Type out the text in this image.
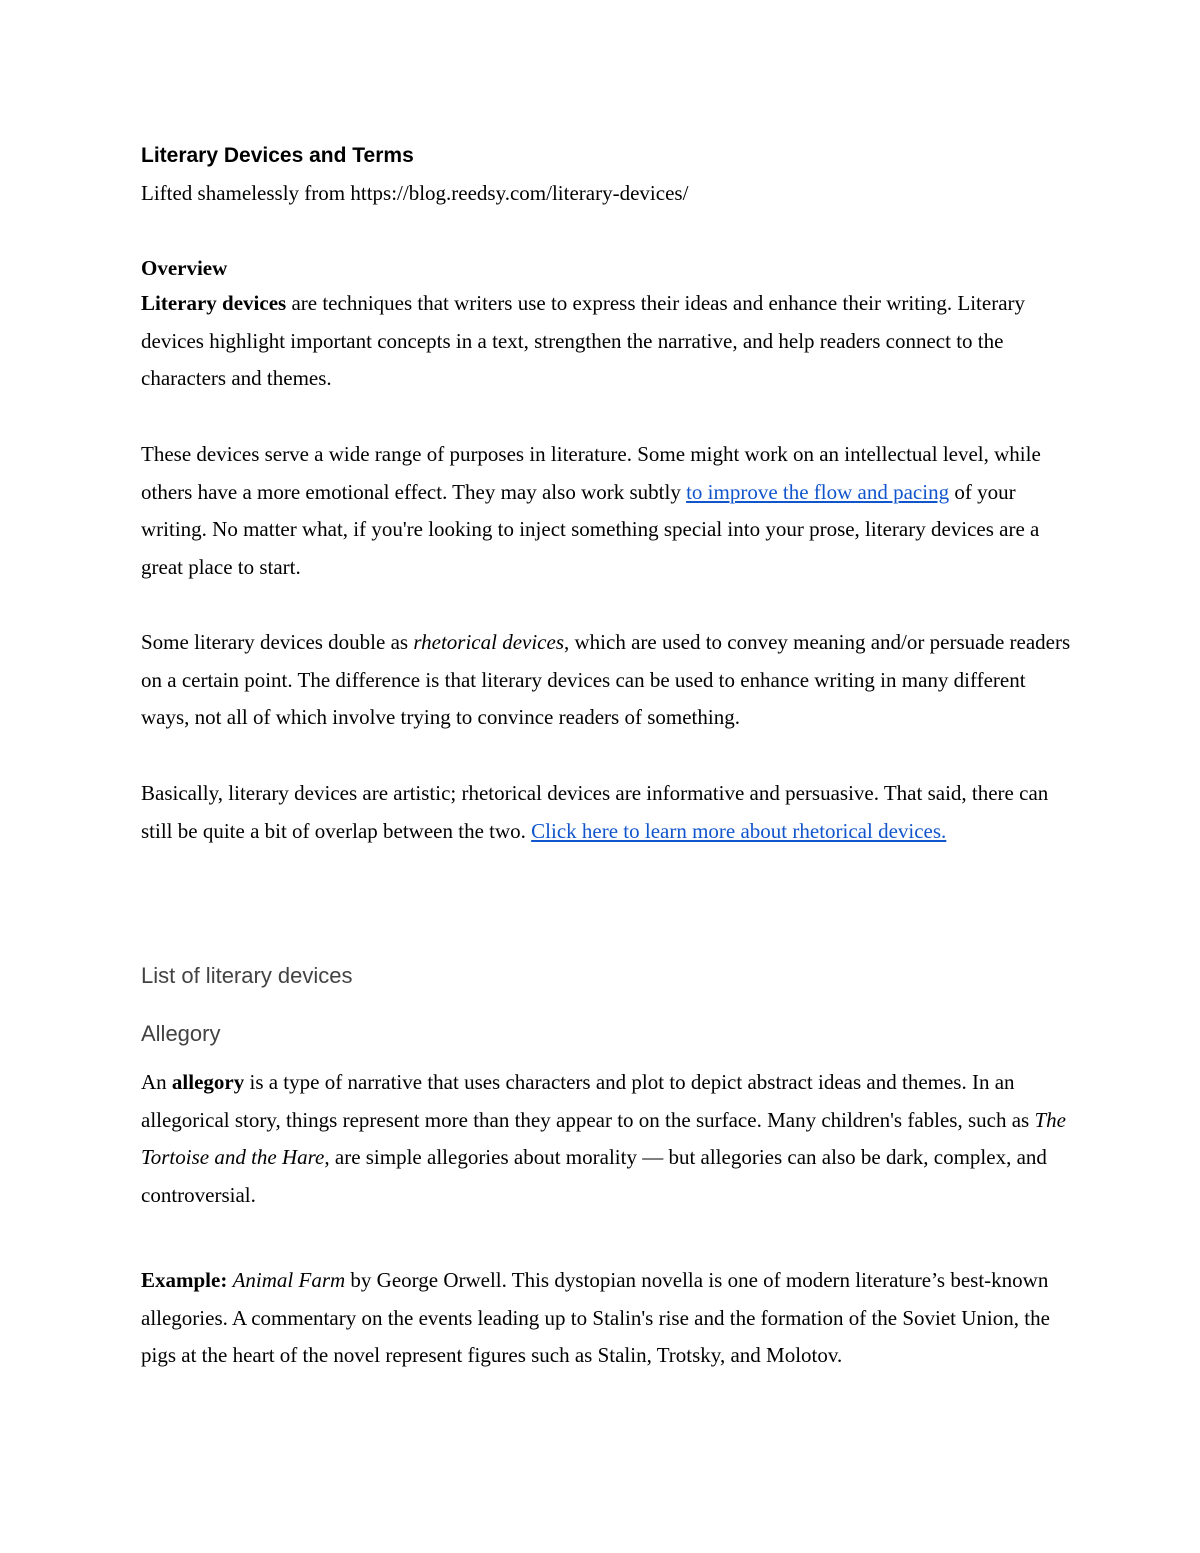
Literary Devices and Terms
Lifted shamelessly from https://blog.reedsy.com/literary-devices/
Overview

Literary devices are techniques that writers use to express their ideas and enhance their writing. Literary devices highlight important concepts in a text, strengthen the narrative, and help readers connect to the characters and themes.

These devices serve a wide range of purposes in literature. Some might work on an intellectual level, while others have a more emotional effect. They may also work subtly to improve the flow and pacing of your writing. No matter what, if you're looking to inject something special into your prose, literary devices are a great place to start.

Some literary devices double as rhetorical devices, which are used to convey meaning and/or persuade readers on a certain point. The difference is that literary devices can be used to enhance writing in many different ways, not all of which involve trying to convince readers of something.

Basically, literary devices are artistic; rhetorical devices are informative and persuasive. That said, there can still be quite a bit of overlap between the two. Click here to learn more about rhetorical devices.

List of literary devices
Allegory

An allegory is a type of narrative that uses characters and plot to depict abstract ideas and themes. In an allegorical story, things represent more than they appear to on the surface. Many children's fables, such as The Tortoise and the Hare, are simple allegories about morality — but allegories can also be dark, complex, and controversial.

Example: Animal Farm by George Orwell. This dystopian novella is one of modern literature’s best-known allegories. A commentary on the events leading up to Stalin's rise and the formation of the Soviet Union, the pigs at the heart of the novel represent figures such as Stalin, Trotsky, and Molotov.
